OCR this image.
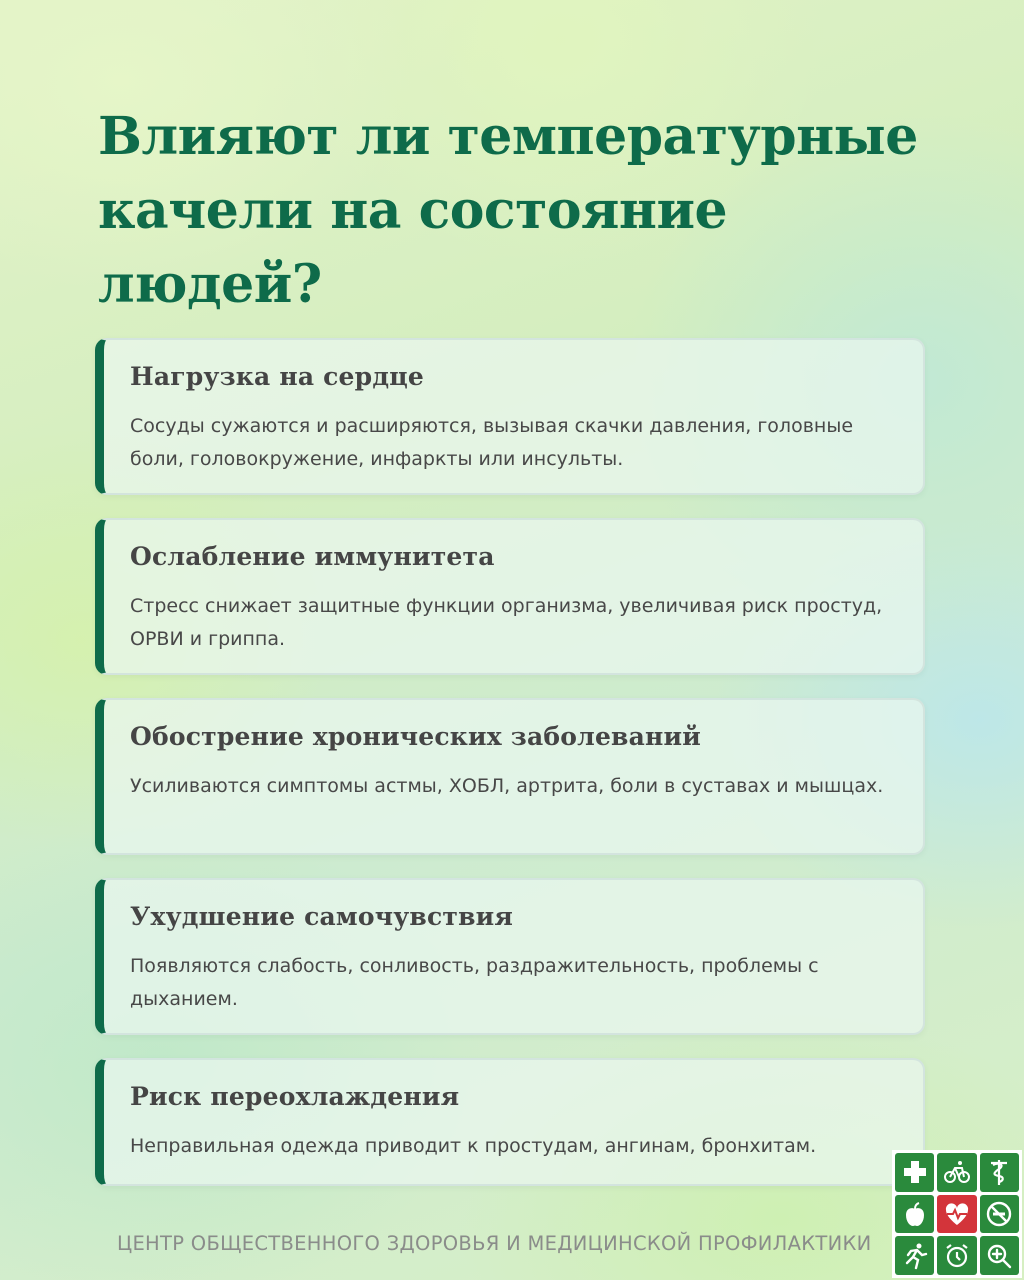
Влияют ли температурные качели на состояние людей?
Нагрузка на сердце

Сосуды сужаются и расширяются, вызывая скачки давления, головные боли, головокружение, инфаркты или инсульты.

Ослабление иммунитета

Стресс снижает защитные функции организма, увеличивая риск простуд, ОРВИ и гриппа.

Обострение хронических заболеваний

Усиливаются симптомы астмы, ХОБЛ, артрита, боли в суставах и мышцах.

Ухудшение самочувствия

Появляются слабость, сонливость, раздражительность, проблемы с дыханием.

Риск переохлаждения

Неправильная одежда приводит к простудам, ангинам, бронхитам.

ЦЕНТР ОБЩЕСТВЕННОГО ЗДОРОВЬЯ И МЕДИЦИНСКОЙ ПРОФИЛАКТИКИ
